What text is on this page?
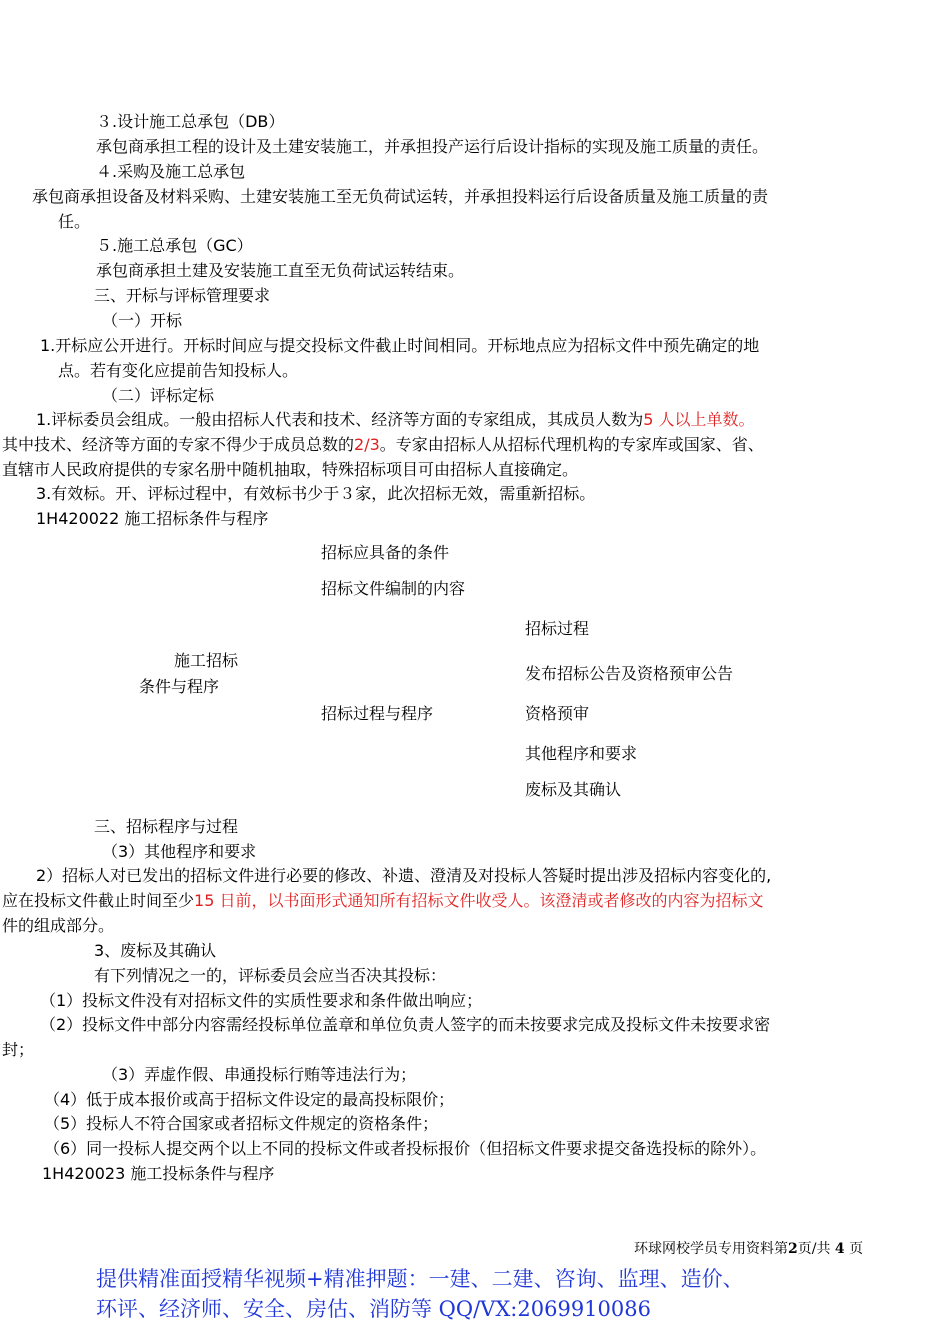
３.设计施工总承包（DB）
承包商承担工程的设计及土建安装施工，并承担投产运行后设计指标的实现及施工质量的责任。
４.采购及施工总承包
承包商承担设备及材料采购、土建安装施工至无负荷试运转，并承担投料运行后设备质量及施工质量的责
任。
５.施工总承包（GC）
承包商承担土建及安装施工直至无负荷试运转结束。
三、开标与评标管理要求
（一）开标
1.开标应公开进行。开标时间应与提交投标文件截止时间相同。开标地点应为招标文件中预先确定的地
点。若有变化应提前告知投标人。
（二）评标定标
1.评标委员会组成。一般由招标人代表和技术、经济等方面的专家组成，其成员人数为5 人以上单数。
其中技术、经济等方面的专家不得少于成员总数的2/3。专家由招标人从招标代理机构的专家库或国家、省、
直辖市人民政府提供的专家名册中随机抽取，特殊招标项目可由招标人直接确定。
3.有效标。开、评标过程中，有效标书少于３家，此次招标无效，需重新招标。
1H420022 施工招标条件与程序
施工招标
条件与程序
招标应具备的条件
招标文件编制的内容
招标过程与程序
招标过程
发布招标公告及资格预审公告
资格预审
其他程序和要求
废标及其确认
三、招标程序与过程
（3）其他程序和要求
2）招标人对已发出的招标文件进行必要的修改、补遗、澄清及对投标人答疑时提出涉及招标内容变化的,
应在投标文件截止时间至少15 日前，以书面形式通知所有招标文件收受人。该澄清或者修改的内容为招标文
件的组成部分。
3、废标及其确认
有下列情况之一的，评标委员会应当否决其投标：
（1）投标文件没有对招标文件的实质性要求和条件做出响应；
（2）投标文件中部分内容需经投标单位盖章和单位负责人签字的而未按要求完成及投标文件未按要求密
封；
（3）弄虚作假、串通投标行贿等违法行为；
（4）低于成本报价或高于招标文件设定的最高投标限价；
（5）投标人不符合国家或者招标文件规定的资格条件；
（6）同一投标人提交两个以上不同的投标文件或者投标报价（但招标文件要求提交备选投标的除外）。
1H420023 施工投标条件与程序
环球网校学员专用资料第2页/共 4 页
提供精准面授精华视频+精准押题：一建、二建、咨询、监理、造价、
环评、经济师、安全、房估、消防等 QQ/VX:2069910086
